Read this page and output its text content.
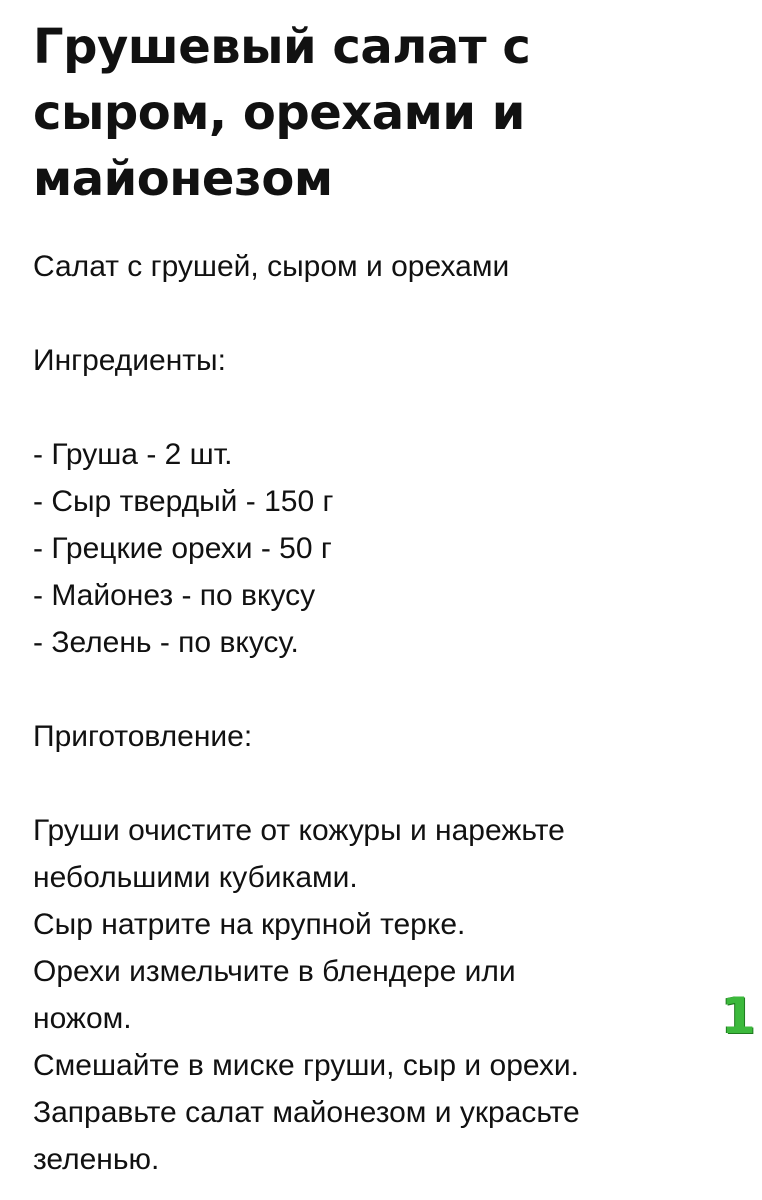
Грушевый салат с
сыром, орехами и
майонезом
Салат с грушей, сыром и орехами
Ингредиенты:
- Груша - 2 шт.
- Сыр твердый - 150 г
- Грецкие орехи - 50 г
- Майонез - по вкусу
- Зелень - по вкусу.
Приготовление:
Груши очистите от кожуры и нарежьте
небольшими кубиками.
Сыр натрите на крупной терке.
Орехи измельчите в блендере или
ножом.
Смешайте в миске груши, сыр и орехи.
Заправьте салат майонезом и украсьте
зеленью.
1
